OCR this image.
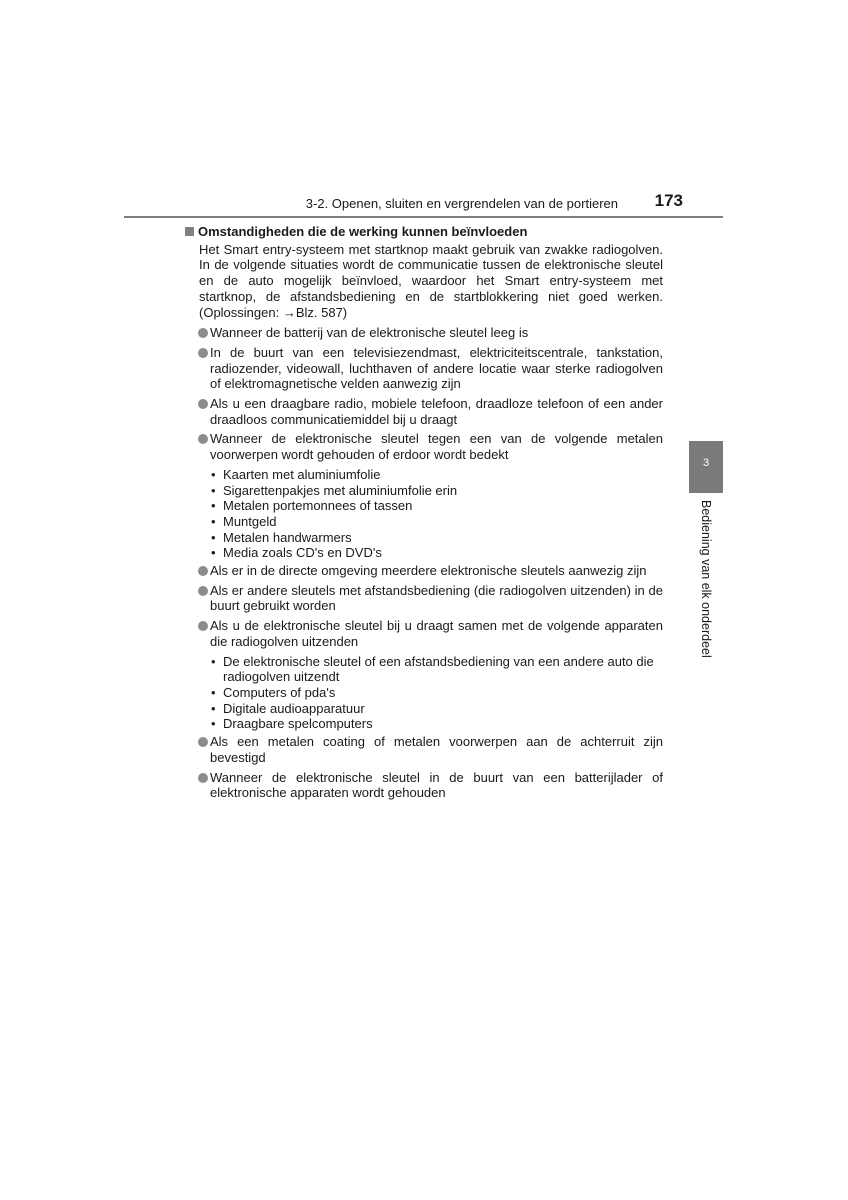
3-2. Openen, sluiten en vergrendelen van de portieren 173
3
Bediening van elk onderdeel
Omstandigheden die de werking kunnen beïnvloeden
Het Smart entry-systeem met startknop maakt gebruik van zwakke radiogolven. In de volgende situaties wordt de communicatie tussen de elektronische sleutel en de auto mogelijk beïnvloed, waardoor het Smart entry-systeem met startknop, de afstandsbediening en de startblokkering niet goed werken. (Oplossingen: →Blz. 587)
Wanneer de batterij van de elektronische sleutel leeg is
In de buurt van een televisiezendmast, elektriciteitscentrale, tankstation, radiozender, videowall, luchthaven of andere locatie waar sterke radiogolven of elektromagnetische velden aanwezig zijn
Als u een draagbare radio, mobiele telefoon, draadloze telefoon of een ander draadloos communicatiemiddel bij u draagt
Wanneer de elektronische sleutel tegen een van de volgende metalen voorwerpen wordt gehouden of erdoor wordt bedekt
• Kaarten met aluminiumfolie
• Sigarettenpakjes met aluminiumfolie erin
• Metalen portemonnees of tassen
• Muntgeld
• Metalen handwarmers
• Media zoals CD's en DVD's
Als er in de directe omgeving meerdere elektronische sleutels aanwezig zijn
Als er andere sleutels met afstandsbediening (die radiogolven uitzenden) in de buurt gebruikt worden
Als u de elektronische sleutel bij u draagt samen met de volgende apparaten die radiogolven uitzenden
• De elektronische sleutel of een afstandsbediening van een andere auto die radiogolven uitzendt
• Computers of pda's
• Digitale audioapparatuur
• Draagbare spelcomputers
Als een metalen coating of metalen voorwerpen aan de achterruit zijn bevestigd
Wanneer de elektronische sleutel in de buurt van een batterijlader of elektronische apparaten wordt gehouden
